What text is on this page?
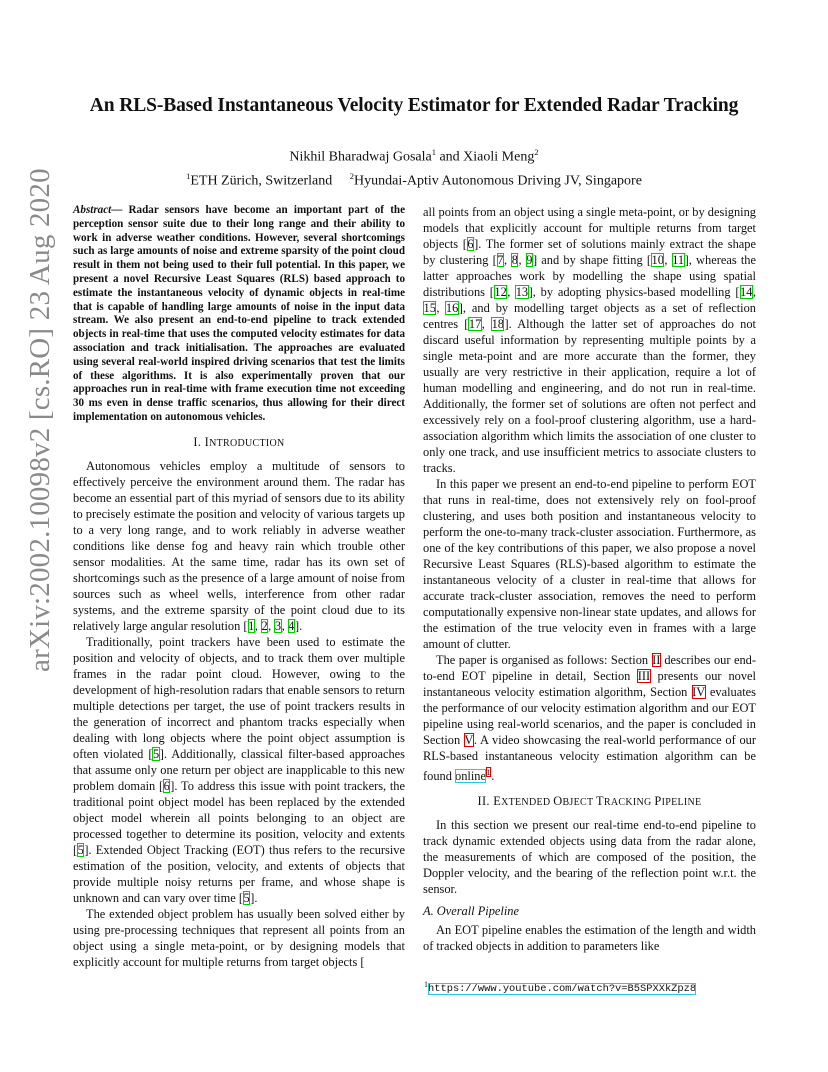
arXiv:2002.10098v2 [cs.RO] 23 Aug 2020
An RLS-Based Instantaneous Velocity Estimator for Extended Radar Tracking
Nikhil Bharadwaj Gosala$^1$ and Xiaoli Meng$^2$
$^1$ETH Zürich, Switzerland $^2$Hyundai-Aptiv Autonomous Driving JV, Singapore
Abstract— Radar sensors have become an important part of the perception sensor suite due to their long range and their ability to work in adverse weather conditions. However, several shortcomings such as large amounts of noise and extreme sparsity of the point cloud result in them not being used to their full potential. In this paper, we present a novel Recursive Least Squares (RLS) based approach to estimate the instantaneous velocity of dynamic objects in real-time that is capable of handling large amounts of noise in the input data stream. We also present an end-to-end pipeline to track extended objects in real-time that uses the computed velocity estimates for data association and track initialisation. The approaches are evaluated using several real-world inspired driving scenarios that test the limits of these algorithms. It is also experimentally proven that our approaches run in real-time with frame execution time not exceeding 30 ms even in dense traffic scenarios, thus allowing for their direct implementation on autonomous vehicles.
I. INTRODUCTION

Autonomous vehicles employ a multitude of sensors to effectively perceive the environment around them. The radar has become an essential part of this myriad of sensors due to its ability to precisely estimate the position and velocity of various targets up to a very long range, and to work reliably in adverse weather conditions like dense fog and heavy rain which trouble other sensor modalities. At the same time, radar has its own set of shortcomings such as the presence of a large amount of noise from sources such as wheel wells, interference from other radar systems, and the extreme sparsity of the point cloud due to its relatively large angular resolution [1, 2, 3, 4].

Traditionally, point trackers have been used to estimate the position and velocity of objects, and to track them over multiple frames in the radar point cloud. However, owing to the development of high-resolution radars that enable sensors to return multiple detections per target, the use of point trackers results in the generation of incorrect and phantom tracks especially when dealing with long objects where the point object assumption is often violated [5]. Additionally, classical filter-based approaches that assume only one return per object are inapplicable to this new problem domain [6]. To address this issue with point trackers, the traditional point object model has been replaced by the extended object model wherein all points belonging to an object are processed together to determine its position, velocity and extents [5]. Extended Object Tracking (EOT) thus refers to the recursive estimation of the position, velocity, and extents of objects that provide multiple noisy returns per frame, and whose shape is unknown and can vary over time [5].

The extended object problem has usually been solved either by using pre-processing techniques that represent all points from an object using a single meta-point, or by designing models that explicitly account for multiple returns from target objects [

all points from an object using a single meta-point, or by designing models that explicitly account for multiple returns from target objects [6]. The former set of solutions mainly extract the shape by clustering [7, 8, 9] and by shape fitting [10, 11], whereas the latter approaches work by modelling the shape using spatial distributions [12, 13], by adopting physics-based modelling [14, 15, 16], and by modelling target objects as a set of reflection centres [17, 18]. Although the latter set of approaches do not discard useful information by representing multiple points by a single meta-point and are more accurate than the former, they usually are very restrictive in their application, require a lot of human modelling and engineering, and do not run in real-time. Additionally, the former set of solutions are often not perfect and excessively rely on a fool-proof clustering algorithm, use a hard-association algorithm which limits the association of one cluster to only one track, and use insufficient metrics to associate clusters to tracks.

In this paper we present an end-to-end pipeline to perform EOT that runs in real-time, does not extensively rely on fool-proof clustering, and uses both position and instantaneous velocity to perform the one-to-many track-cluster association. Furthermore, as one of the key contributions of this paper, we also propose a novel Recursive Least Squares (RLS)-based algorithm to estimate the instantaneous velocity of a cluster in real-time that allows for accurate track-cluster association, removes the need to perform computationally expensive non-linear state updates, and allows for the estimation of the true velocity even in frames with a large amount of clutter.

The paper is organised as follows: Section II describes our end-to-end EOT pipeline in detail, Section III presents our novel instantaneous velocity estimation algorithm, Section IV evaluates the performance of our velocity estimation algorithm and our EOT pipeline using real-world scenarios, and the paper is concluded in Section V. A video showcasing the real-world performance of our RLS-based instantaneous velocity estimation algorithm can be found online$^1$.

II. EXTENDED OBJECT TRACKING PIPELINE

In this section we present our real-time end-to-end pipeline to track dynamic extended objects using data from the radar alone, the measurements of which are composed of the position, the Doppler velocity, and the bearing of the reflection point w.r.t. the sensor.

A. Overall Pipeline

An EOT pipeline enables the estimation of the length and width of tracked objects in addition to parameters like

$^1$https://www.youtube.com/watch?v=B5SPXXkZpz8
